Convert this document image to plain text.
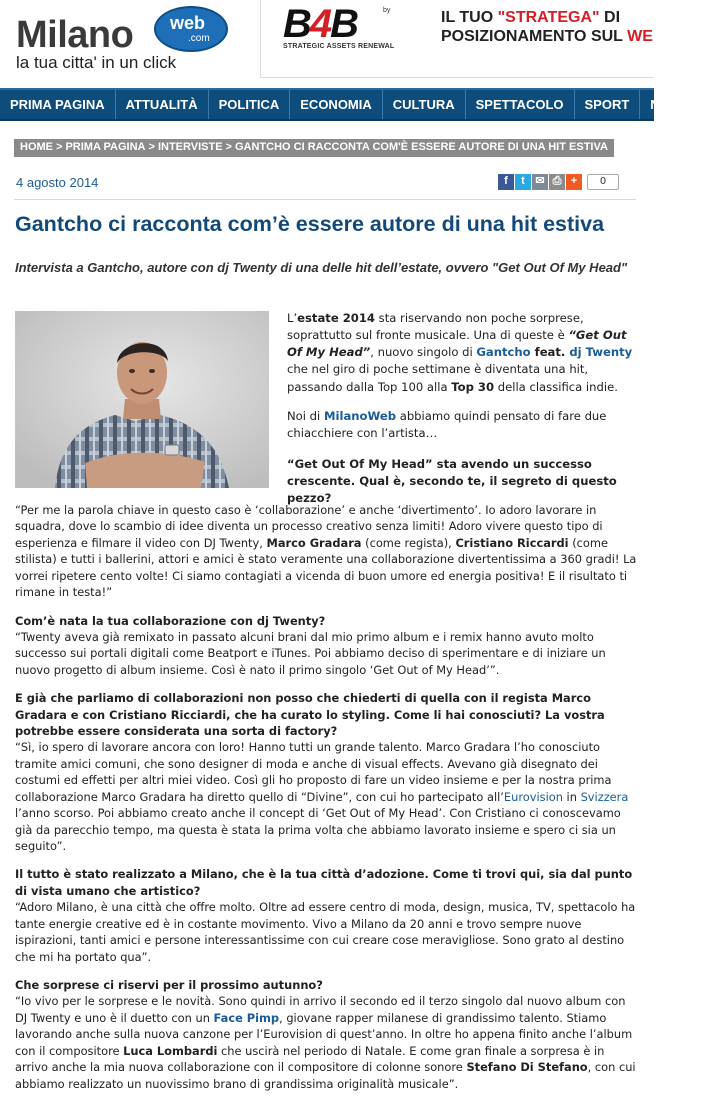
Milano web
.com
la tua citta' in un click
B4B	by
STRATEGIC ASSETS RENEWAL
IL TUO "STRATEGA" DI
POSIZIONAMENTO SUL WE
PRIMA PAGINA	ATTUALITÀ	POLITICA	ECONOMIA	CULTURA	SPETTACOLO	SPORT	NOTIZIE
HOME > PRIMA PAGINA > INTERVISTE > GANTCHO CI RACCONTA COM'È ESSERE AUTORE DI UNA HIT ESTIVA
4 agosto 2014	f	t ✉ ⎙ +	0
Gantcho ci racconta com’è essere autore di una hit estiva
Intervista a Gantcho, autore con dj Twenty di una delle hit dell’estate, ovvero "Get Out Of My Head"

L’estate 2014 sta riservando non poche sorprese, soprattutto sul fronte musicale. Una di queste è “Get Out Of My Head”, nuovo singolo di Gantcho feat. dj Twenty che nel giro di poche settimane è diventata una hit, passando dalla Top 100 alla Top 30 della classifica indie.

Noi di MilanoWeb abbiamo quindi pensato di fare due chiacchiere con l’artista…

“Get Out Of My Head” sta avendo un successo crescente. Qual è, secondo te, il segreto di questo pezzo?

“Per me la parola chiave in questo caso è ‘collaborazione’ e anche ‘divertimento’. Io adoro lavorare in squadra, dove lo scambio di idee diventa un processo creativo senza limiti! Adoro vivere questo tipo di esperienza e filmare il video con DJ Twenty, Marco Gradara (come regista), Cristiano Riccardi (come stilista) e tutti i ballerini, attori e amici è stato veramente una collaborazione divertentissima a 360 gradi! La vorrei ripetere cento volte! Ci siamo contagiati a vicenda di buon umore ed energia positiva! E il risultato ti rimane in testa!”

Com’è nata la tua collaborazione con dj Twenty?

“Twenty aveva già remixato in passato alcuni brani dal mio primo album e i remix hanno avuto molto successo sui portali digitali come Beatport e iTunes. Poi abbiamo deciso di sperimentare e di iniziare un nuovo progetto di album insieme. Così è nato il primo singolo ‘Get Out of My Head’”.

E già che parliamo di collaborazioni non posso che chiederti di quella con il regista Marco Gradara e con Cristiano Ricciardi, che ha curato lo styling. Come li hai conosciuti? La vostra potrebbe essere considerata una sorta di factory?

“Sì, io spero di lavorare ancora con loro! Hanno tutti un grande talento. Marco Gradara l’ho conosciuto tramite amici comuni, che sono designer di moda e anche di visual effects. Avevano già disegnato dei costumi ed effetti per altri miei video. Così gli ho proposto di fare un video insieme e per la nostra prima collaborazione Marco Gradara ha diretto quello di “Divine”, con cui ho partecipato all’Eurovision in Svizzera l’anno scorso. Poi abbiamo creato anche il concept di ‘Get Out of My Head’. Con Cristiano ci conoscevamo già da parecchio tempo, ma questa è stata la prima volta che abbiamo lavorato insieme e spero ci sia un seguito”.

Il tutto è stato realizzato a Milano, che è la tua città d’adozione. Come ti trovi qui, sia dal punto di vista umano che artistico?

“Adoro Milano, è una città che offre molto. Oltre ad essere centro di moda, design, musica, TV, spettacolo ha tante energie creative ed è in costante movimento. Vivo a Milano da 20 anni e trovo sempre nuove ispirazioni, tanti amici e persone interessantissime con cui creare cose meravigliose. Sono grato al destino che mi ha portato qua”.

Che sorprese ci riservi per il prossimo autunno?

“Io vivo per le sorprese e le novità. Sono quindi in arrivo il secondo ed il terzo singolo dal nuovo album con DJ Twenty e uno è il duetto con un Face Pimp, giovane rapper milanese di grandissimo talento. Stiamo lavorando anche sulla nuova canzone per l’Eurovision di quest’anno. In oltre ho appena finito anche l’album con il compositore Luca Lombardi che uscirà nel periodo di Natale. E come gran finale a sorpresa è in arrivo anche la mia nuova collaborazione con il compositore di colonne sonore Stefano Di Stefano, con cui abbiamo realizzato un nuovissimo brano di grandissima originalità musicale”.
